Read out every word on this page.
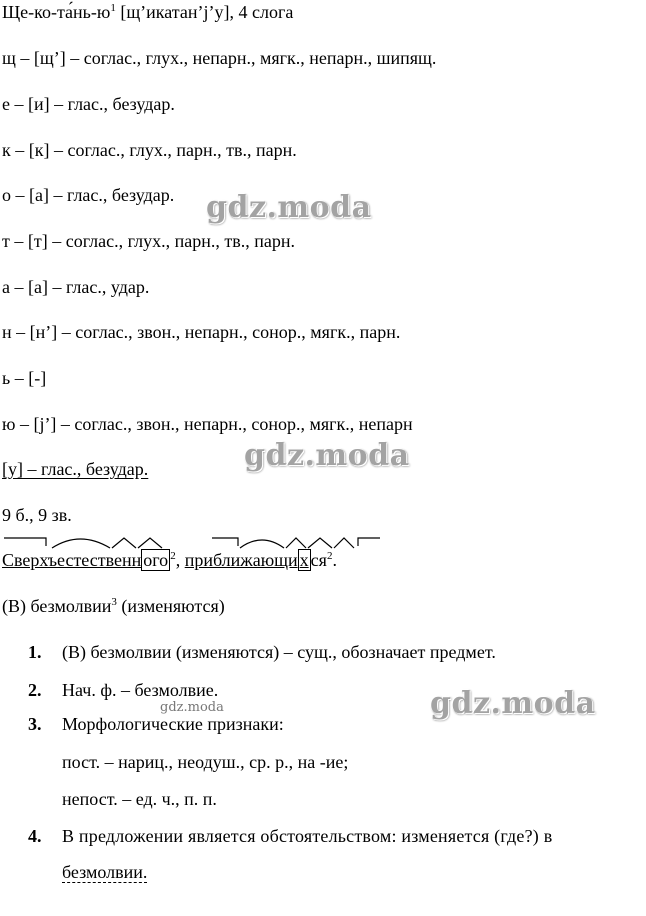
$Ще-ко-та́нь-ю^1$ [щ’икатан’j’у], 4 слога
щ – [щ’] – соглас., глух., непарн., мягк., непарн., шипящ.
е – [и] – глас., безудар.
к – [к] – соглас., глух., парн., тв., парн.
о – [а] – глас., безудар.
т – [т] – соглас., глух., парн., тв., парн.
а – [а] – глас., удар.
н – [н’] – соглас., звон., непарн., сонор., мягк., парн.
ь – [-]
ю – [j’] – соглас., звон., непарн., сонор., мягк., непарн
[у] – глас., безудар.
9 б., 9 зв.
Сверхъестественн ого $^2$, приближающи х $ся^2$.
(В) безмолвии$^3$ (изменяются)
1. (В) безмолвии (изменяются) – сущ., обозначает предмет.
2. Нач. ф. – безмолвие.
3. Морфологические признаки:
пост. – нариц., неодуш., ср. р., на -ие;
непост. – ед. ч., п. п.
4. В предложении является обстоятельством: изменяется (где?) в
безмолвии.
gdz.moda
gdz.moda
gdz.moda
gdz.moda
